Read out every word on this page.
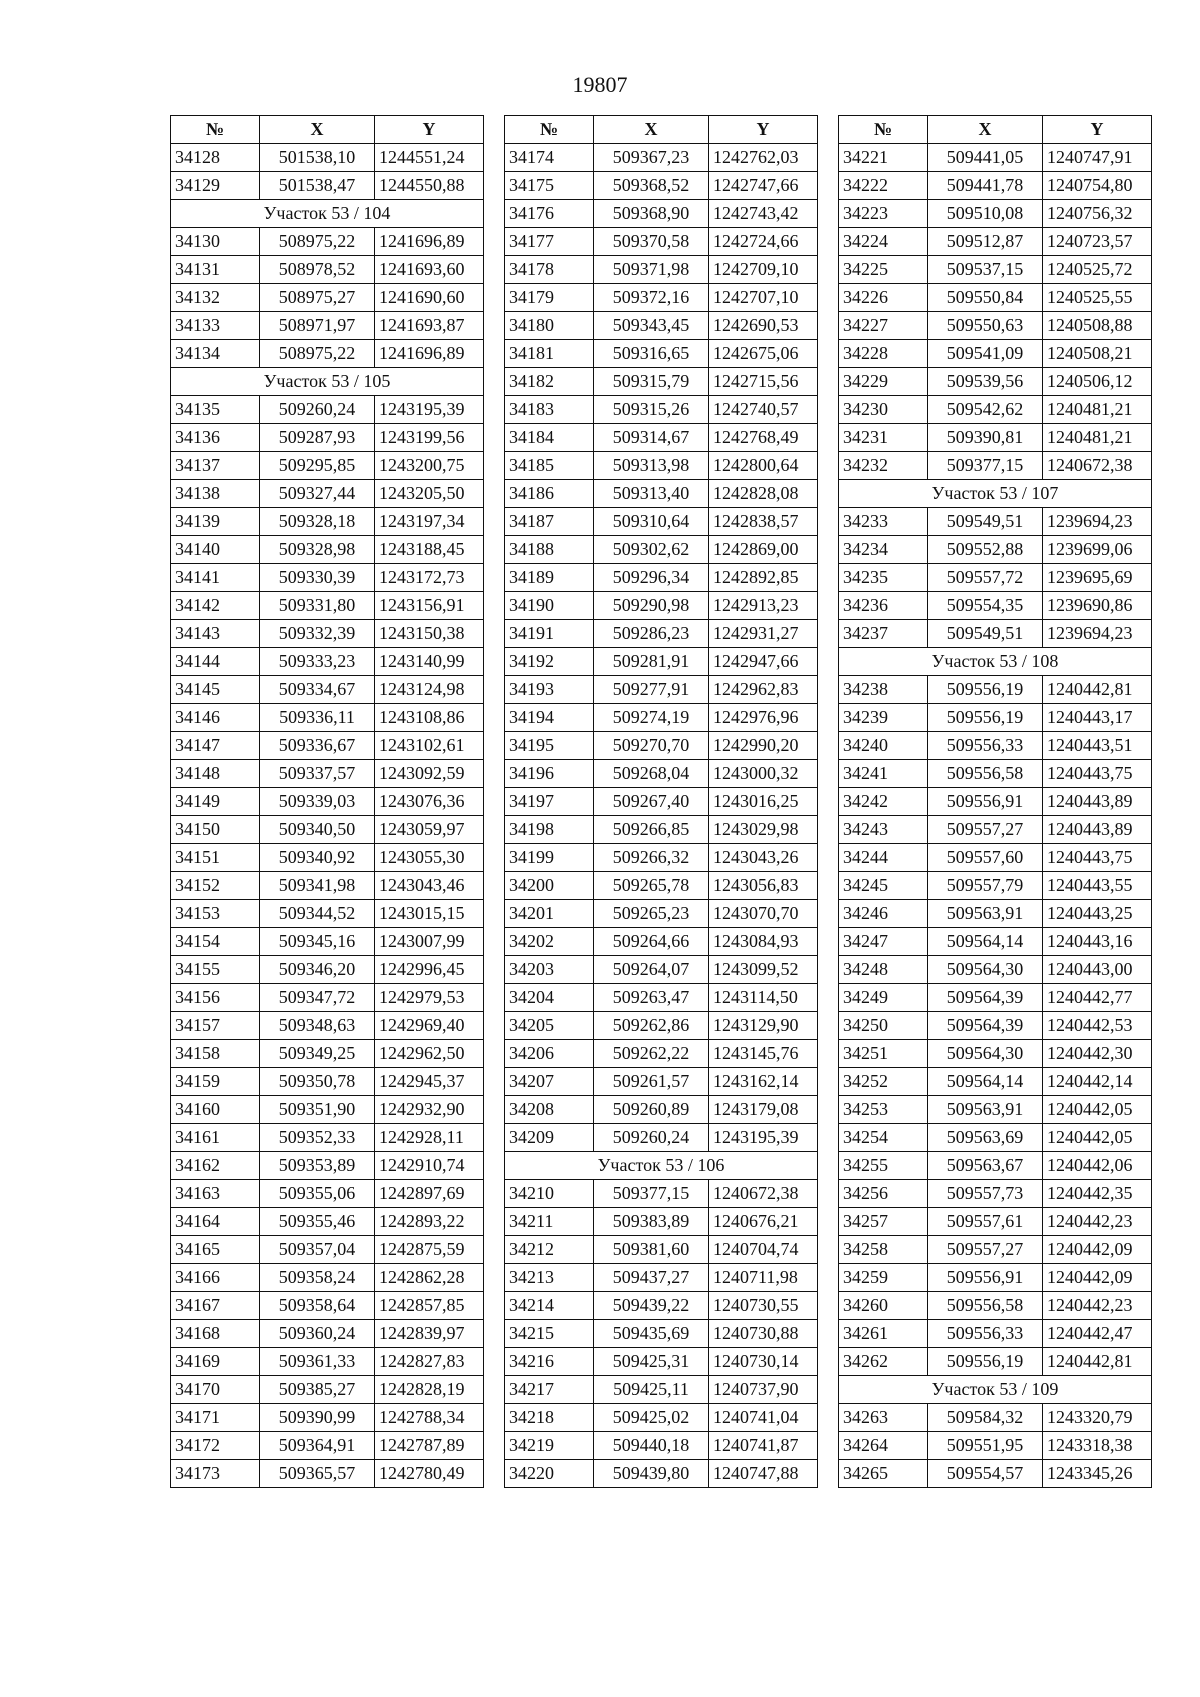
19807
№	X	Y
34128	501538,10	1244551,24
34129	501538,47	1244550,88
Участок 53 / 104		
34130	508975,22	1241696,89
34131	508978,52	1241693,60
34132	508975,27	1241690,60
34133	508971,97	1241693,87
34134	508975,22	1241696,89
Участок 53 / 105		
34135	509260,24	1243195,39
34136	509287,93	1243199,56
34137	509295,85	1243200,75
34138	509327,44	1243205,50
34139	509328,18	1243197,34
34140	509328,98	1243188,45
34141	509330,39	1243172,73
34142	509331,80	1243156,91
34143	509332,39	1243150,38
34144	509333,23	1243140,99
34145	509334,67	1243124,98
34146	509336,11	1243108,86
34147	509336,67	1243102,61
34148	509337,57	1243092,59
34149	509339,03	1243076,36
34150	509340,50	1243059,97
34151	509340,92	1243055,30
34152	509341,98	1243043,46
34153	509344,52	1243015,15
34154	509345,16	1243007,99
34155	509346,20	1242996,45
34156	509347,72	1242979,53
34157	509348,63	1242969,40
34158	509349,25	1242962,50
34159	509350,78	1242945,37
34160	509351,90	1242932,90
34161	509352,33	1242928,11
34162	509353,89	1242910,74
34163	509355,06	1242897,69
34164	509355,46	1242893,22
34165	509357,04	1242875,59
34166	509358,24	1242862,28
34167	509358,64	1242857,85
34168	509360,24	1242839,97
34169	509361,33	1242827,83
34170	509385,27	1242828,19
34171	509390,99	1242788,34
34172	509364,91	1242787,89
34173	509365,57	1242780,49
№	X	Y
34174	509367,23	1242762,03
34175	509368,52	1242747,66
34176	509368,90	1242743,42
34177	509370,58	1242724,66
34178	509371,98	1242709,10
34179	509372,16	1242707,10
34180	509343,45	1242690,53
34181	509316,65	1242675,06
34182	509315,79	1242715,56
34183	509315,26	1242740,57
34184	509314,67	1242768,49
34185	509313,98	1242800,64
34186	509313,40	1242828,08
34187	509310,64	1242838,57
34188	509302,62	1242869,00
34189	509296,34	1242892,85
34190	509290,98	1242913,23
34191	509286,23	1242931,27
34192	509281,91	1242947,66
34193	509277,91	1242962,83
34194	509274,19	1242976,96
34195	509270,70	1242990,20
34196	509268,04	1243000,32
34197	509267,40	1243016,25
34198	509266,85	1243029,98
34199	509266,32	1243043,26
34200	509265,78	1243056,83
34201	509265,23	1243070,70
34202	509264,66	1243084,93
34203	509264,07	1243099,52
34204	509263,47	1243114,50
34205	509262,86	1243129,90
34206	509262,22	1243145,76
34207	509261,57	1243162,14
34208	509260,89	1243179,08
34209	509260,24	1243195,39
Участок 53 / 106		
34210	509377,15	1240672,38
34211	509383,89	1240676,21
34212	509381,60	1240704,74
34213	509437,27	1240711,98
34214	509439,22	1240730,55
34215	509435,69	1240730,88
34216	509425,31	1240730,14
34217	509425,11	1240737,90
34218	509425,02	1240741,04
34219	509440,18	1240741,87
34220	509439,80	1240747,88
№	X	Y
34221	509441,05	1240747,91
34222	509441,78	1240754,80
34223	509510,08	1240756,32
34224	509512,87	1240723,57
34225	509537,15	1240525,72
34226	509550,84	1240525,55
34227	509550,63	1240508,88
34228	509541,09	1240508,21
34229	509539,56	1240506,12
34230	509542,62	1240481,21
34231	509390,81	1240481,21
34232	509377,15	1240672,38
Участок 53 / 107		
34233	509549,51	1239694,23
34234	509552,88	1239699,06
34235	509557,72	1239695,69
34236	509554,35	1239690,86
34237	509549,51	1239694,23
Участок 53 / 108		
34238	509556,19	1240442,81
34239	509556,19	1240443,17
34240	509556,33	1240443,51
34241	509556,58	1240443,75
34242	509556,91	1240443,89
34243	509557,27	1240443,89
34244	509557,60	1240443,75
34245	509557,79	1240443,55
34246	509563,91	1240443,25
34247	509564,14	1240443,16
34248	509564,30	1240443,00
34249	509564,39	1240442,77
34250	509564,39	1240442,53
34251	509564,30	1240442,30
34252	509564,14	1240442,14
34253	509563,91	1240442,05
34254	509563,69	1240442,05
34255	509563,67	1240442,06
34256	509557,73	1240442,35
34257	509557,61	1240442,23
34258	509557,27	1240442,09
34259	509556,91	1240442,09
34260	509556,58	1240442,23
34261	509556,33	1240442,47
34262	509556,19	1240442,81
Участок 53 / 109		
34263	509584,32	1243320,79
34264	509551,95	1243318,38
34265	509554,57	1243345,26
